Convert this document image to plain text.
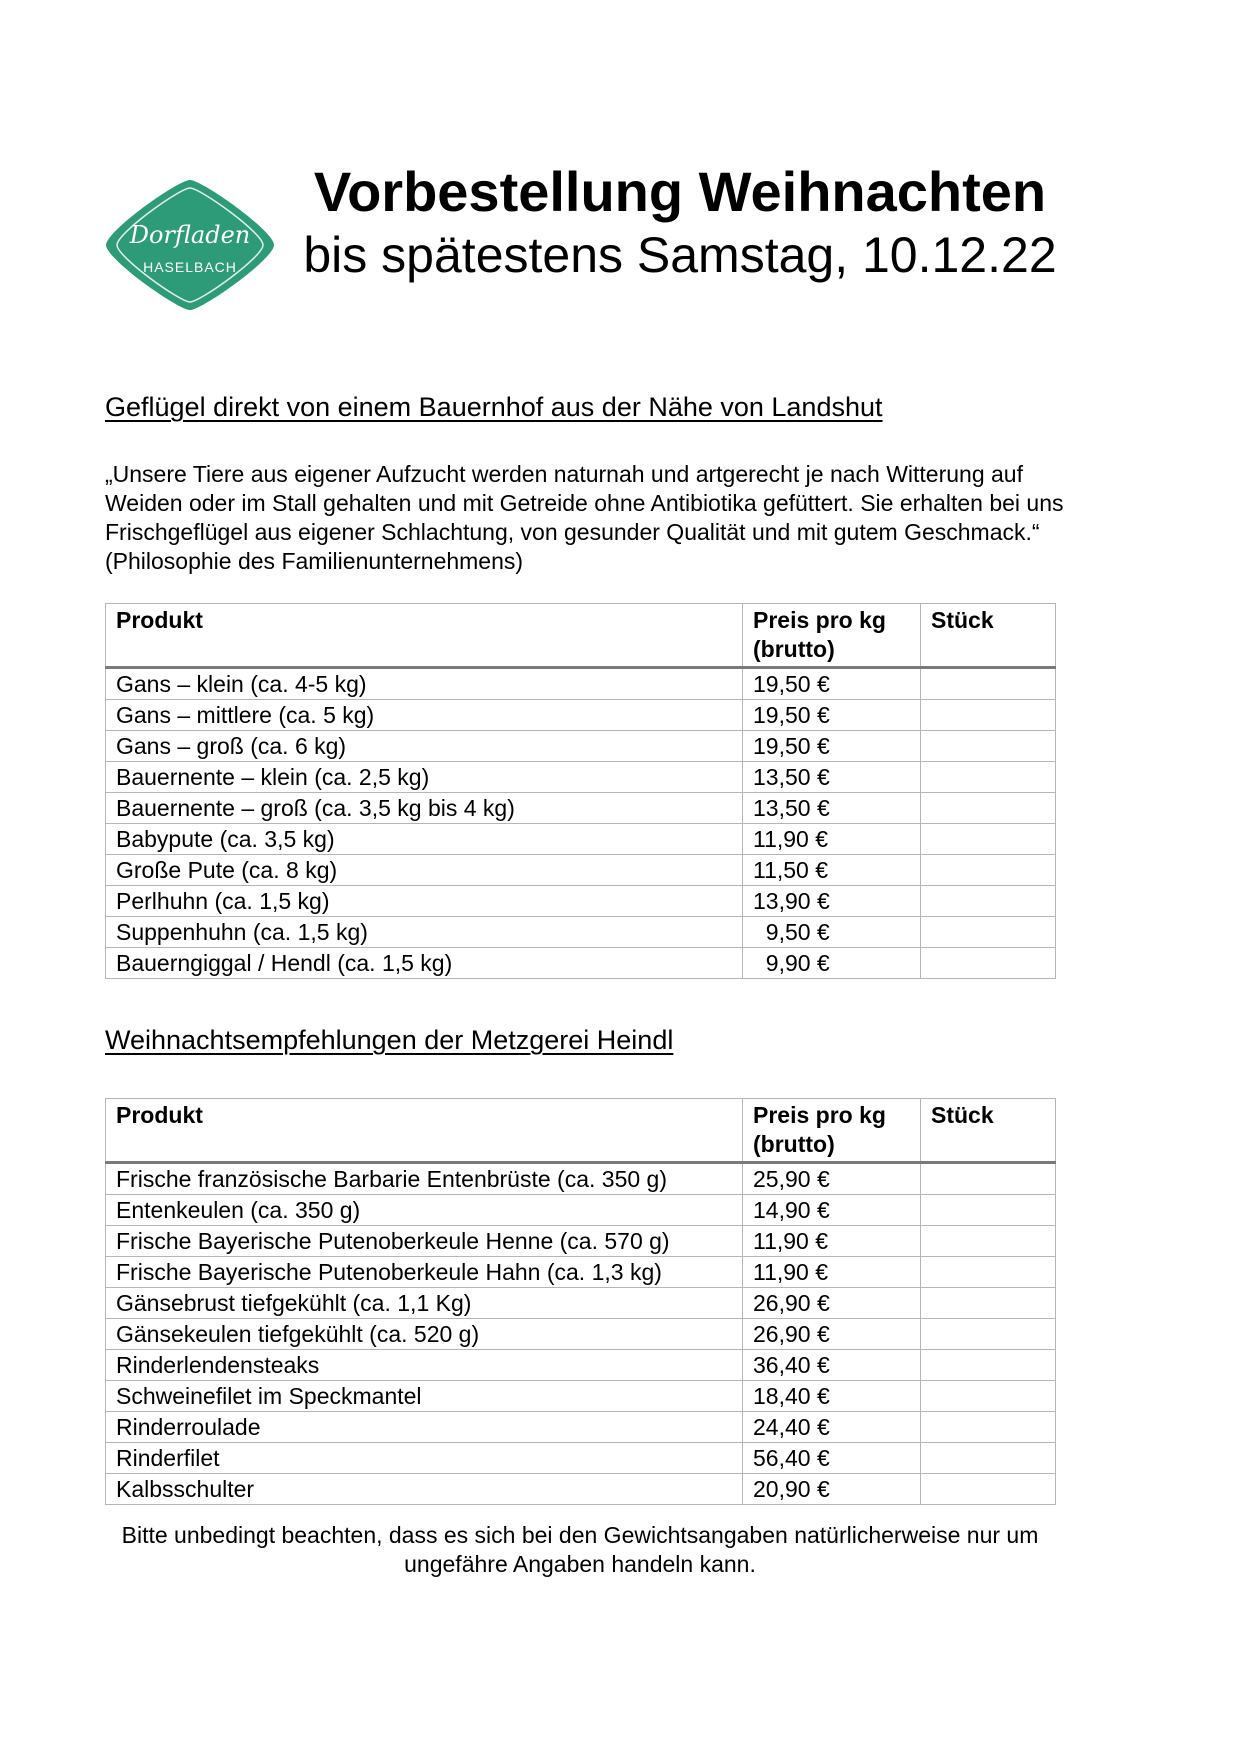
Dorfladen
HASELBACH
Vorbestellung Weihnachten
bis spätestens Samstag, 10.12.22
Geflügel direkt von einem Bauernhof aus der Nähe von Landshut

„Unsere Tiere aus eigener Aufzucht werden naturnah und artgerecht je nach Witterung auf Weiden oder im Stall gehalten und mit Getreide ohne Antibiotika gefüttert. Sie erhalten bei uns Frischgeflügel aus eigener Schlachtung, von gesunder Qualität und mit gutem Geschmack.“ (Philosophie des Familienunternehmens)

Produkt	Preis pro kg (brutto)	Stück
Gans – klein (ca. 4-5 kg)	19,50 €	
Gans – mittlere (ca. 5 kg)	19,50 €	
Gans – groß (ca. 6 kg)	19,50 €	
Bauernente – klein (ca. 2,5 kg)	13,50 €	
Bauernente – groß (ca. 3,5 kg bis 4 kg)	13,50 €	
Babypute (ca. 3,5 kg)	11,90 €	
Große Pute (ca. 8 kg)	11,50 €	
Perlhuhn (ca. 1,5 kg)	13,90 €	
Suppenhuhn (ca. 1,5 kg)	9,50 €	
Bauerngiggal / Hendl (ca. 1,5 kg)	9,90 €	
Weihnachtsempfehlungen der Metzgerei Heindl
Produkt	Preis pro kg (brutto)	Stück
Frische französische Barbarie Entenbrüste (ca. 350 g)	25,90 €	
Entenkeulen (ca. 350 g)	14,90 €	
Frische Bayerische Putenoberkeule Henne (ca. 570 g)	11,90 €	
Frische Bayerische Putenoberkeule Hahn (ca. 1,3 kg)	11,90 €	
Gänsebrust tiefgekühlt (ca. 1,1 Kg)	26,90 €	
Gänsekeulen tiefgekühlt (ca. 520 g)	26,90 €	
Rinderlendensteaks	36,40 €	
Schweinefilet im Speckmantel	18,40 €	
Rinderroulade	24,40 €	
Rinderfilet	56,40 €	
Kalbsschulter	20,90 €	

Bitte unbedingt beachten, dass es sich bei den Gewichtsangaben natürlicherweise nur um ungefähre Angaben handeln kann.
